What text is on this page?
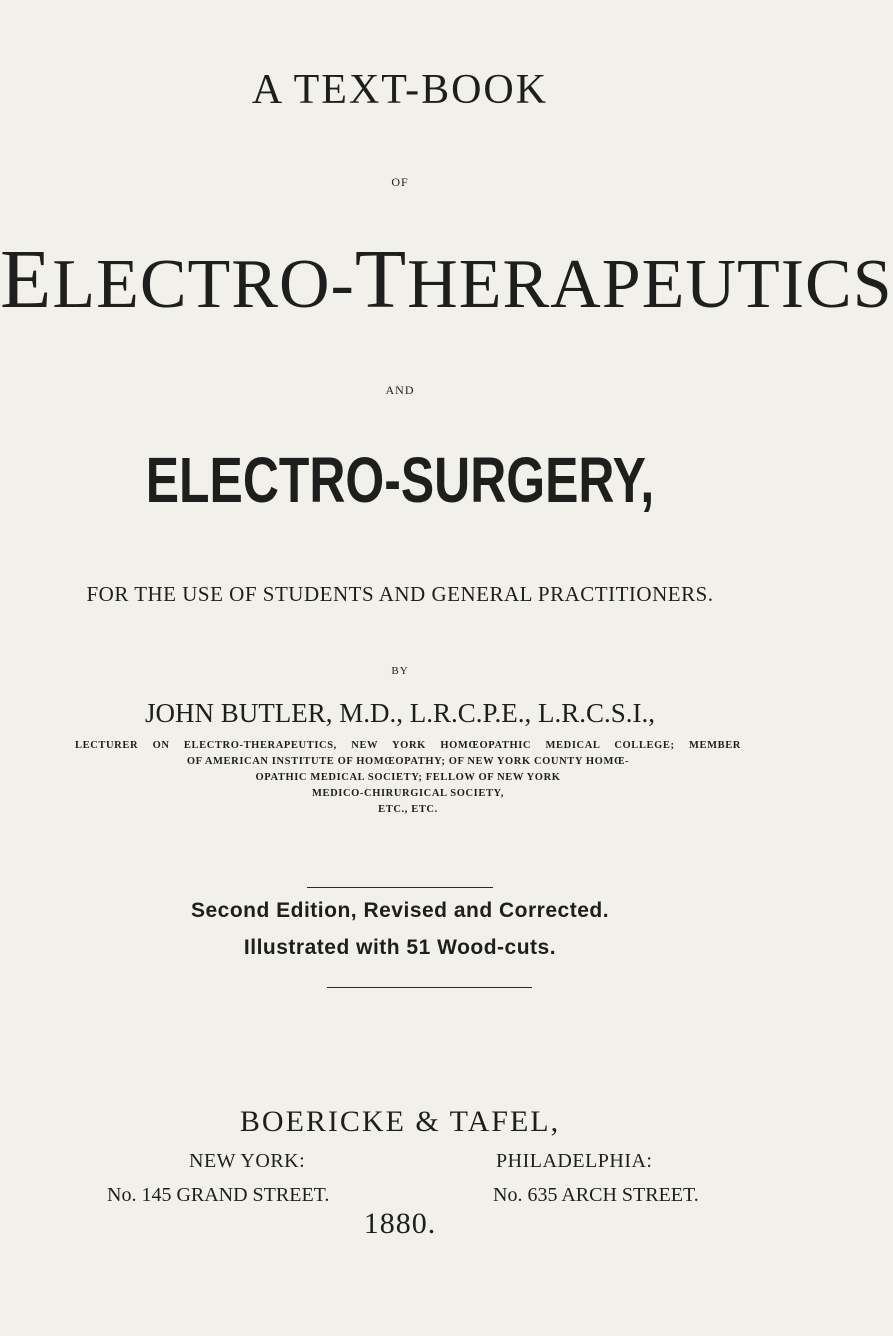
A TEXT-BOOK

OF

ELECTRO-THERAPEUTICS

AND

ELECTRO-SURGERY,

FOR THE USE OF STUDENTS AND GENERAL PRACTITIONERS.

BY

JOHN BUTLER, M.D., L.R.C.P.E., L.R.C.S.I.,

LECTURER ON ELECTRO-THERAPEUTICS, NEW YORK HOMŒOPATHIC MEDICAL COLLEGE; MEMBER

OF AMERICAN INSTITUTE OF HOMŒOPATHY; OF NEW YORK COUNTY HOMŒ-

OPATHIC MEDICAL SOCIETY; FELLOW OF NEW YORK

MEDICO-CHIRURGICAL SOCIETY,

ETC., ETC.

Second Edition, Revised and Corrected.

Illustrated with 51 Wood-cuts.

BOERICKE & TAFEL,

NEW YORK:	PHILADELPHIA:

No. 145 GRAND STREET.	No. 635 ARCH STREET.

1880.
